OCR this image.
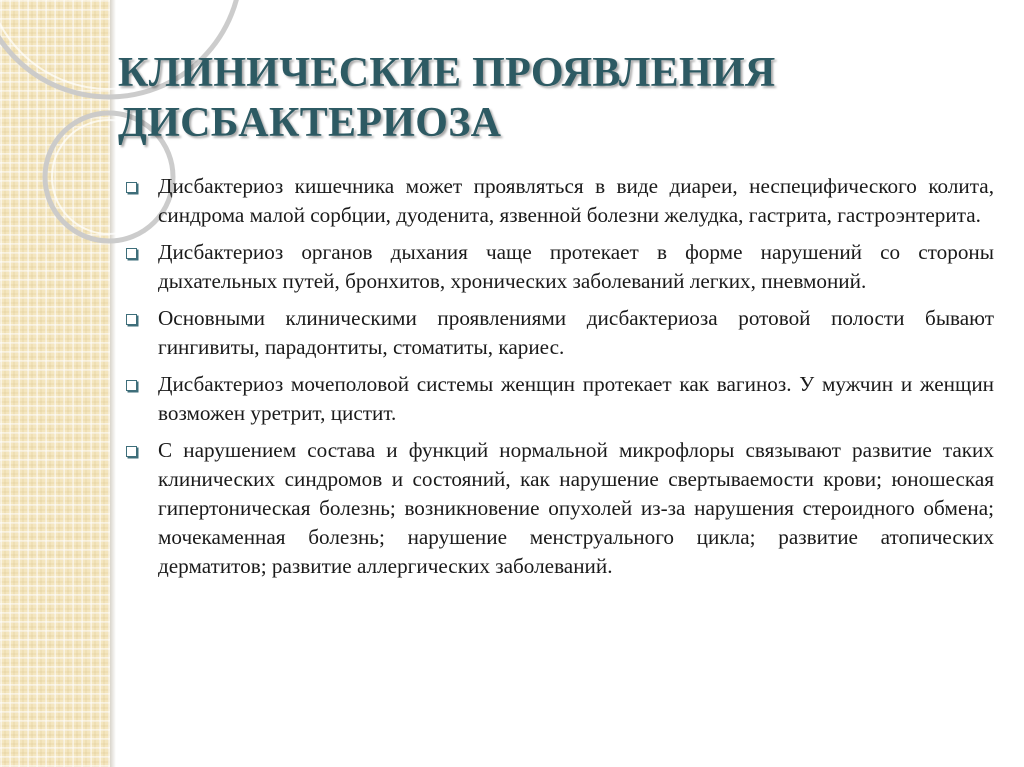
КЛИНИЧЕСКИЕ ПРОЯВЛЕНИЯ
ДИСБАКТЕРИОЗА
Дисбактериоз кишечника может проявляться в виде диареи, неспецифического колита, синдрома малой сорбции, дуоденита, язвенной болезни желудка, гастрита, гастроэнтерита.
Дисбактериоз органов дыхания чаще протекает в форме нарушений со стороны дыхательных путей, бронхитов, хронических заболеваний легких, пневмоний.
Основными клиническими проявлениями дисбактериоза ротовой полости бывают гингивиты, парадонтиты, стоматиты, кариес.
Дисбактериоз мочеполовой системы женщин протекает как вагиноз. У мужчин и женщин возможен уретрит, цистит.
С нарушением состава и функций нормальной микрофлоры связывают развитие таких клинических синдромов и состояний, как нарушение свертываемости крови; юношеская гипертоническая болезнь; возникновение опухолей из-за нарушения стероидного обмена; мочекаменная болезнь; нарушение менструального цикла; развитие атопических дерматитов; развитие аллергических заболеваний.
